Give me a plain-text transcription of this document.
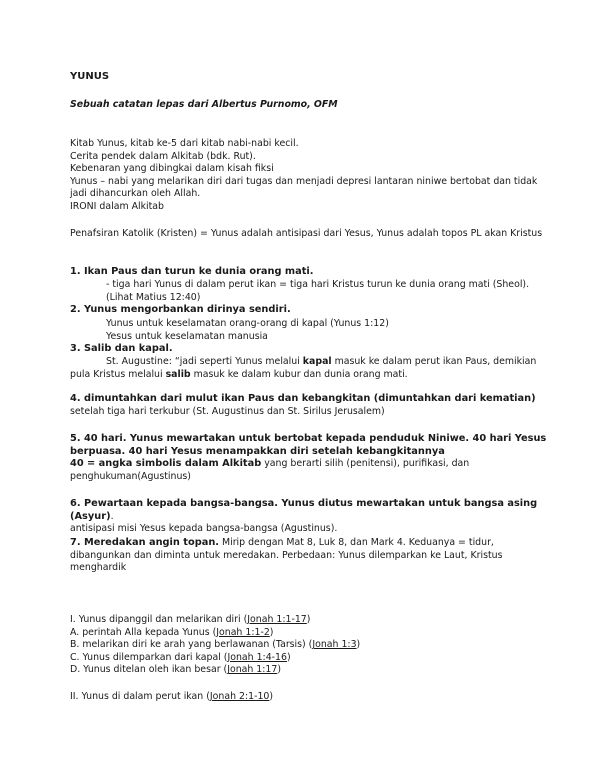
YUNUS
Sebuah catatan lepas dari Albertus Purnomo, OFM
Kitab Yunus, kitab ke-5 dari kitab nabi-nabi kecil.
Cerita pendek dalam Alkitab (bdk. Rut).
Kebenaran yang dibingkai dalam kisah fiksi
Yunus – nabi yang melarikan diri dari tugas dan menjadi depresi lantaran niniwe bertobat dan tidak jadi dihancurkan oleh Allah.
IRONI dalam Alkitab
Penafsiran Katolik (Kristen) = Yunus adalah antisipasi dari Yesus, Yunus adalah topos PL akan Kristus
1. Ikan Paus dan turun ke dunia orang mati.
- tiga hari Yunus di dalam perut ikan = tiga hari Kristus turun ke dunia orang mati (Sheol). (Lihat Matius 12:40)
2. Yunus mengorbankan dirinya sendiri.
Yunus untuk keselamatan orang-orang di kapal (Yunus 1:12)
Yesus untuk keselamatan manusia
3. Salib dan kapal.
St. Augustine: “jadi seperti Yunus melalui kapal masuk ke dalam perut ikan Paus, demikian pula Kristus melalui salib masuk ke dalam kubur dan dunia orang mati.
4. dimuntahkan dari mulut ikan Paus dan kebangkitan (dimuntahkan dari kematian) setelah tiga hari terkubur (St. Augustinus dan St. Sirilus Jerusalem)
5. 40 hari. Yunus mewartakan untuk bertobat kepada penduduk Niniwe. 40 hari Yesus berpuasa. 40 hari Yesus menampakkan diri setelah kebangkitannya
40 = angka simbolis dalam Alkitab yang berarti silih (penitensi), purifikasi, dan penghukuman(Agustinus)
6. Pewartaan kepada bangsa-bangsa. Yunus diutus mewartakan untuk bangsa asing (Asyur).
antisipasi misi Yesus kepada bangsa-bangsa (Agustinus).
7. Meredakan angin topan. Mirip dengan Mat 8, Luk 8, dan Mark 4. Keduanya = tidur, dibangunkan dan diminta untuk meredakan. Perbedaan: Yunus dilemparkan ke Laut, Kristus menghardik
I. Yunus dipanggil dan melarikan diri (Jonah 1:1-17)
A. perintah Alla kepada Yunus (Jonah 1:1-2)
B. melarikan diri ke arah yang berlawanan (Tarsis) (Jonah 1:3)
C. Yunus dilemparkan dari kapal (Jonah 1:4-16)
D. Yunus ditelan oleh ikan besar (Jonah 1:17)
II. Yunus di dalam perut ikan (Jonah 2:1-10)
